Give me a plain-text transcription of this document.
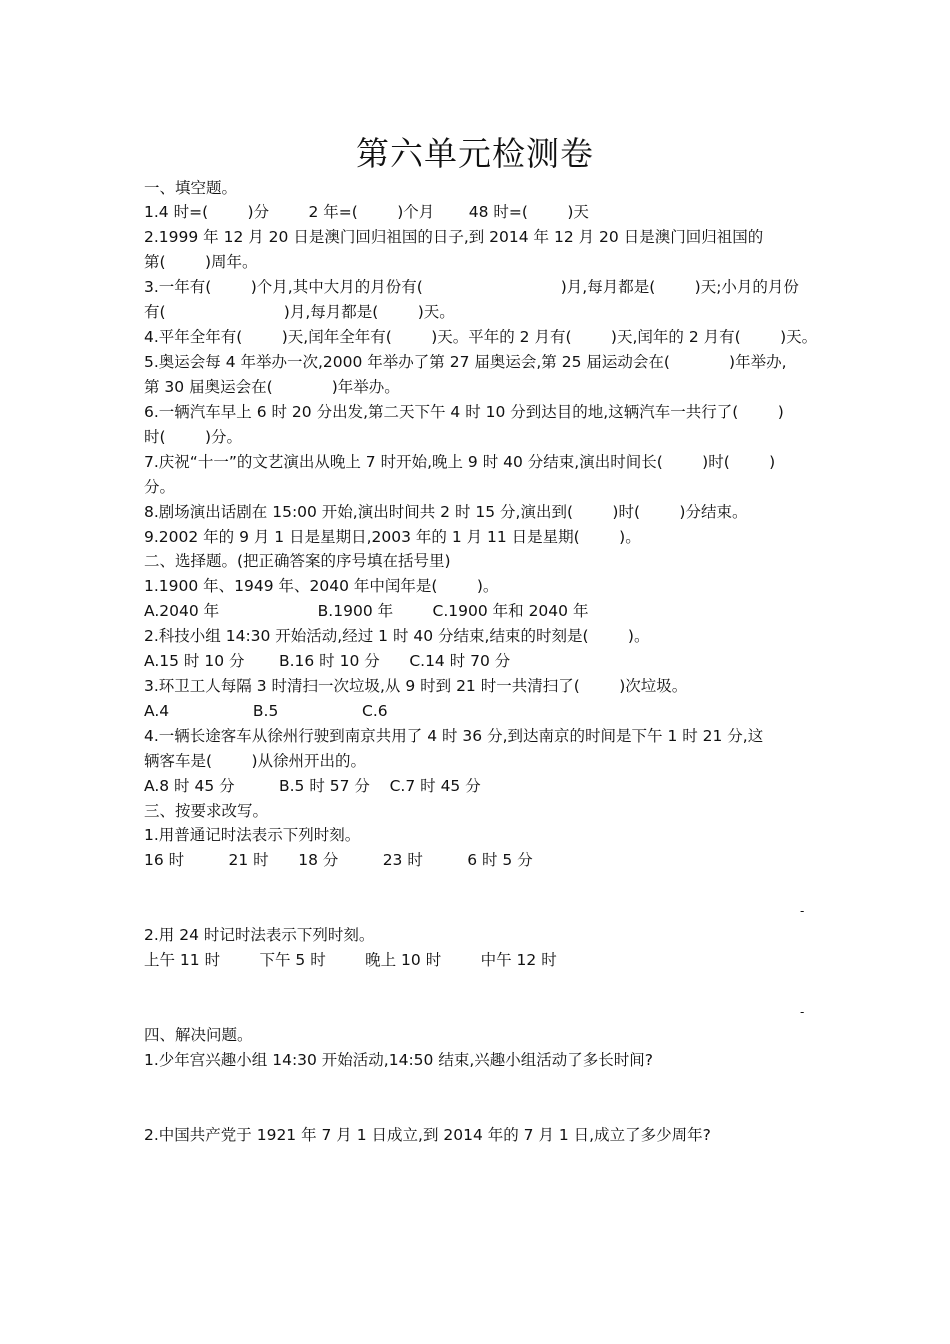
第六单元检测卷
一、填空题。
1.4 时=(        )分        2 年=(        )个月       48 时=(        )天
2.1999 年 12 月 20 日是澳门回归祖国的日子,到 2014 年 12 月 20 日是澳门回归祖国的
第(        )周年。
3.一年有(        )个月,其中大月的月份有(                            )月,每月都是(        )天;小月的月份
有(                        )月,每月都是(        )天。
4.平年全年有(        )天,闰年全年有(        )天。平年的 2 月有(        )天,闰年的 2 月有(        )天。
5.奥运会每 4 年举办一次,2000 年举办了第 27 届奥运会,第 25 届运动会在(            )年举办,
第 30 届奥运会在(            )年举办。
6.一辆汽车早上 6 时 20 分出发,第二天下午 4 时 10 分到达目的地,这辆汽车一共行了(        )
时(        )分。
7.庆祝“十一”的文艺演出从晚上 7 时开始,晚上 9 时 40 分结束,演出时间长(        )时(        )
分。
8.剧场演出话剧在 15:00 开始,演出时间共 2 时 15 分,演出到(        )时(        )分结束。
9.2002 年的 9 月 1 日是星期日,2003 年的 1 月 11 日是星期(        )。
二、选择题。(把正确答案的序号填在括号里)
1.1900 年、1949 年、2040 年中闰年是(        )。
A.2040 年                    B.1900 年        C.1900 年和 2040 年
2.科技小组 14:30 开始活动,经过 1 时 40 分结束,结束的时刻是(        )。
A.15 时 10 分       B.16 时 10 分      C.14 时 70 分
3.环卫工人每隔 3 时清扫一次垃圾,从 9 时到 21 时一共清扫了(        )次垃圾。
A.4                 B.5                 C.6
4.一辆长途客车从徐州行驶到南京共用了 4 时 36 分,到达南京的时间是下午 1 时 21 分,这
辆客车是(        )从徐州开出的。
A.8 时 45 分         B.5 时 57 分    C.7 时 45 分
三、按要求改写。
1.用普通记时法表示下列时刻。
16 时         21 时      18 分         23 时         6 时 5 分
-
2.用 24 时记时法表示下列时刻。
上午 11 时        下午 5 时        晚上 10 时        中午 12 时
-
四、解决问题。
1.少年宫兴趣小组 14:30 开始活动,14:50 结束,兴趣小组活动了多长时间?
2.中国共产党于 1921 年 7 月 1 日成立,到 2014 年的 7 月 1 日,成立了多少周年?
